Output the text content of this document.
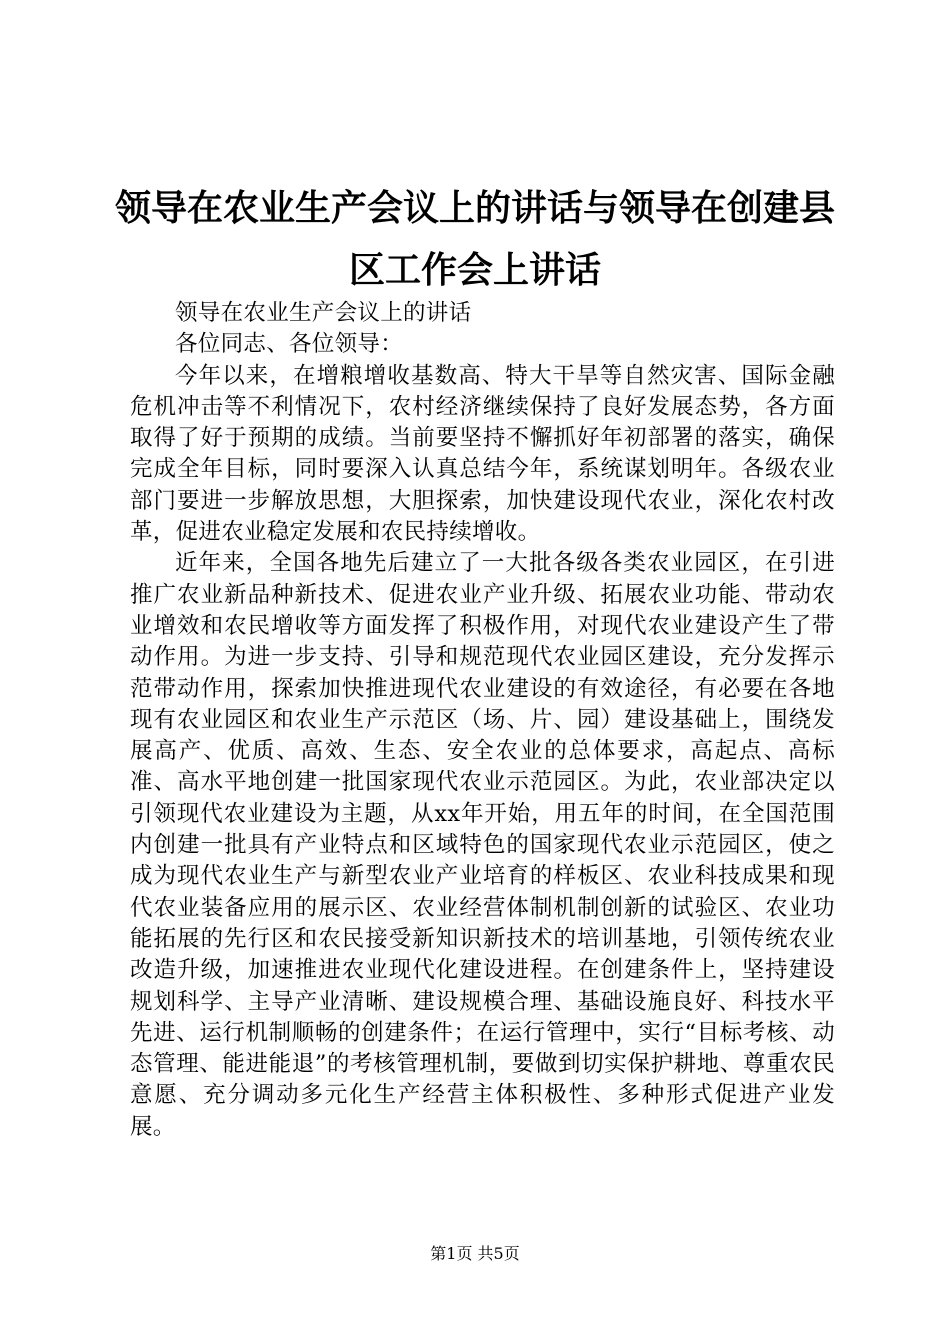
领导在农业生产会议上的讲话与领导在创建县
区工作会上讲话

领导在农业生产会议上的讲话

各位同志、各位领导：

今年以来，在增粮增收基数高、特大干旱等自然灾害、国际金融危机冲击等不利情况下，农村经济继续保持了良好发展态势，各方面取得了好于预期的成绩。当前要坚持不懈抓好年初部署的落实，确保完成全年目标，同时要深入认真总结今年，系统谋划明年。各级农业部门要进一步解放思想，大胆探索，加快建设现代农业，深化农村改革，促进农业稳定发展和农民持续增收。

近年来，全国各地先后建立了一大批各级各类农业园区，在引进推广农业新品种新技术、促进农业产业升级、拓展农业功能、带动农业增效和农民增收等方面发挥了积极作用，对现代农业建设产生了带动作用。为进一步支持、引导和规范现代农业园区建设，充分发挥示范带动作用，探索加快推进现代农业建设的有效途径，有必要在各地现有农业园区和农业生产示范区（场、片、园）建设基础上，围绕发展高产、优质、高效、生态、安全农业的总体要求，高起点、高标准、高水平地创建一批国家现代农业示范园区。为此，农业部决定以引领现代农业建设为主题，从xx年开始，用五年的时间，在全国范围内创建一批具有产业特点和区域特色的国家现代农业示范园区，使之成为现代农业生产与新型农业产业培育的样板区、农业科技成果和现代农业装备应用的展示区、农业经营体制机制创新的试验区、农业功能拓展的先行区和农民接受新知识新技术的培训基地，引领传统农业改造升级，加速推进农业现代化建设进程。在创建条件上，坚持建设规划科学、主导产业清晰、建设规模合理、基础设施良好、科技水平先进、运行机制顺畅的创建条件；在运行管理中，实行“目标考核、动态管理、能进能退”的考核管理机制，要做到切实保护耕地、尊重农民意愿、充分调动多元化生产经营主体积极性、多种形式促进产业发展。

第1页 共5页
